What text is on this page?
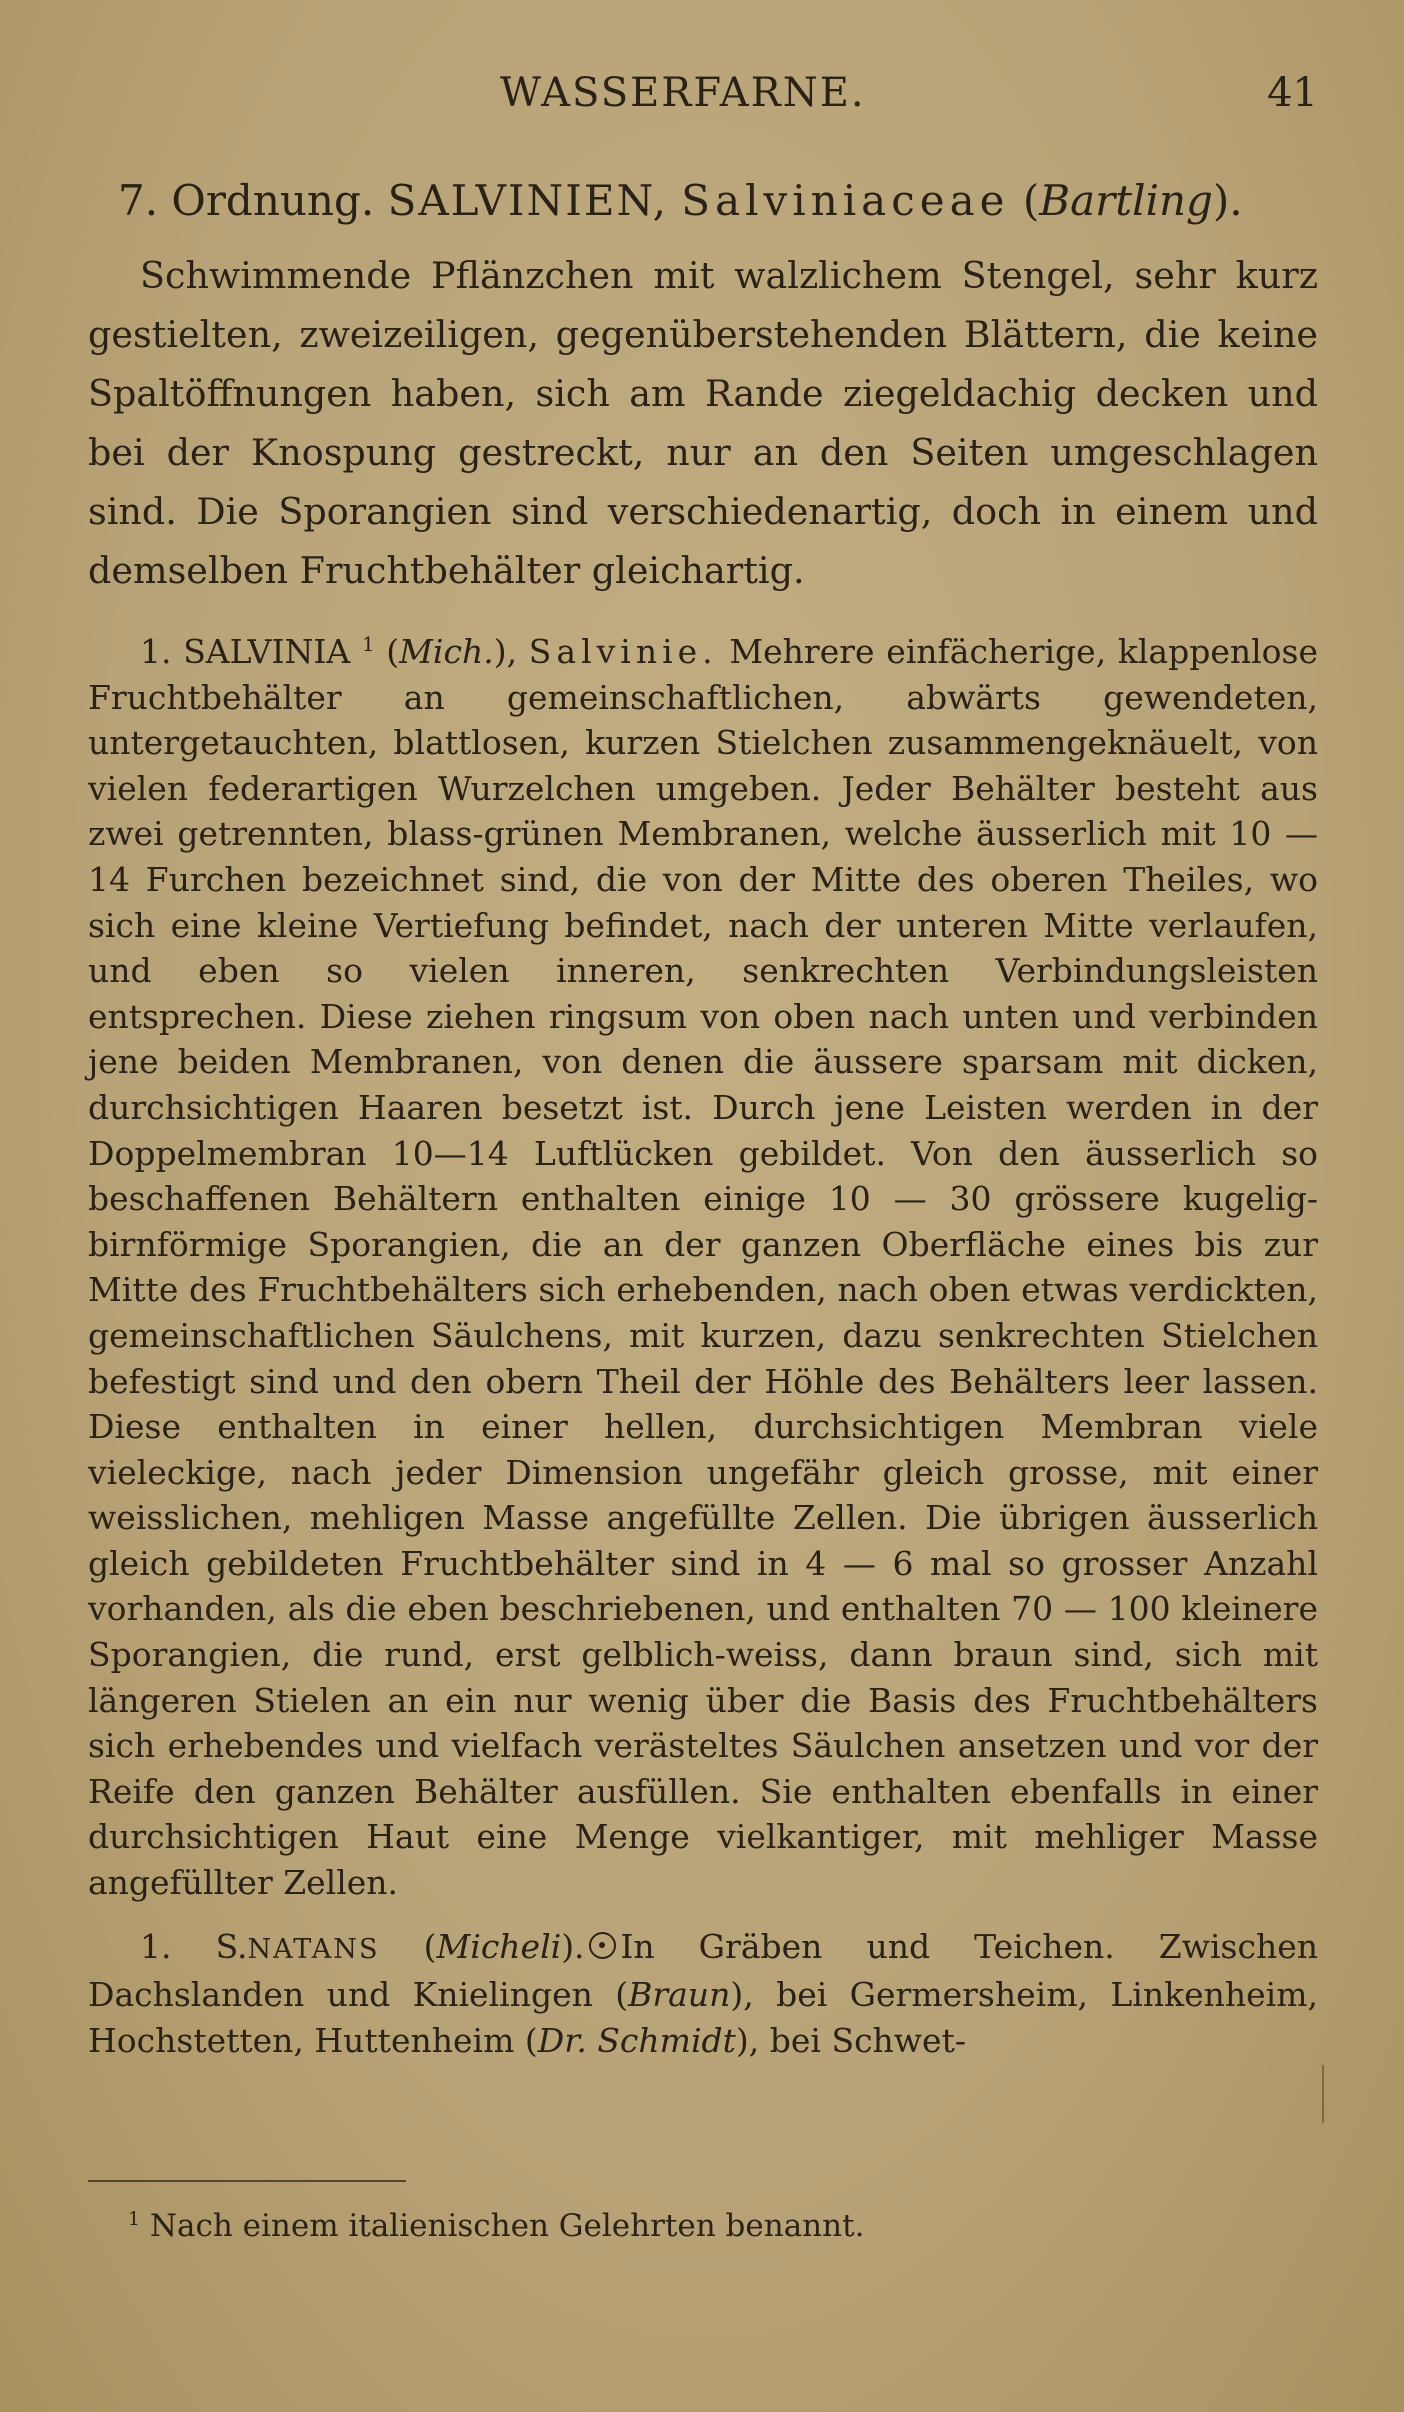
WASSERFARNE.	41
7. Ordnung. SALVINIEN, Salviniaceae (Bartling).

Schwimmende Pflänzchen mit walzlichem Stengel, sehr kurz gestielten, zweizeiligen, gegenüberstehenden Blättern, die keine Spaltöffnungen haben, sich am Rande ziegeldachig decken und bei der Knospung gestreckt, nur an den Seiten umgeschlagen sind. Die Sporangien sind verschiedenartig, doch in einem und demselben Fruchtbehälter gleichartig.

1. SALVINIA $^1$ (Mich.), Salvinie. Mehrere einfächerige, klappenlose Fruchtbehälter an gemeinschaftlichen, abwärts gewendeten, untergetauchten, blattlosen, kurzen Stielchen zusammengeknäuelt, von vielen federartigen Wurzelchen umgeben. Jeder Behälter besteht aus zwei getrennten, blass-grünen Membranen, welche äusserlich mit 10 — 14 Furchen bezeichnet sind, die von der Mitte des oberen Theiles, wo sich eine kleine Vertiefung befindet, nach der unteren Mitte verlaufen, und eben so vielen inneren, senkrechten Verbindungsleisten entsprechen. Diese ziehen ringsum von oben nach unten und verbinden jene beiden Membranen, von denen die äussere sparsam mit dicken, durchsichtigen Haaren besetzt ist. Durch jene Leisten werden in der Doppelmembran 10—14 Luftlücken gebildet. Von den äusserlich so beschaffenen Behältern enthalten einige 10 — 30 grössere kugelig-birnförmige Sporangien, die an der ganzen Oberfläche eines bis zur Mitte des Fruchtbehälters sich erhebenden, nach oben etwas verdickten, gemeinschaftlichen Säulchens, mit kurzen, dazu senkrechten Stielchen befestigt sind und den obern Theil der Höhle des Behälters leer lassen. Diese enthalten in einer hellen, durchsichtigen Membran viele vieleckige, nach jeder Dimension ungefähr gleich grosse, mit einer weisslichen, mehligen Masse angefüllte Zellen. Die übrigen äusserlich gleich gebildeten Fruchtbehälter sind in 4 — 6 mal so grosser Anzahl vorhanden, als die eben beschriebenen, und enthalten 70 — 100 kleinere Sporangien, die rund, erst gelblich-weiss, dann braun sind, sich mit längeren Stielen an ein nur wenig über die Basis des Fruchtbehälters sich erhebendes und vielfach verästeltes Säulchen ansetzen und vor der Reife den ganzen Behälter ausfüllen. Sie enthalten ebenfalls in einer durchsichtigen Haut eine Menge vielkantiger, mit mehliger Masse angefüllter Zellen.

1. S.NATANS (Micheli). In Gräben und Teichen. Zwischen Dachslanden und Knielingen (Braun), bei Germersheim, Linkenheim, Hochstetten, Huttenheim (Dr. Schmidt), bei Schwet-

$^1$ Nach einem italienischen Gelehrten benannt.
